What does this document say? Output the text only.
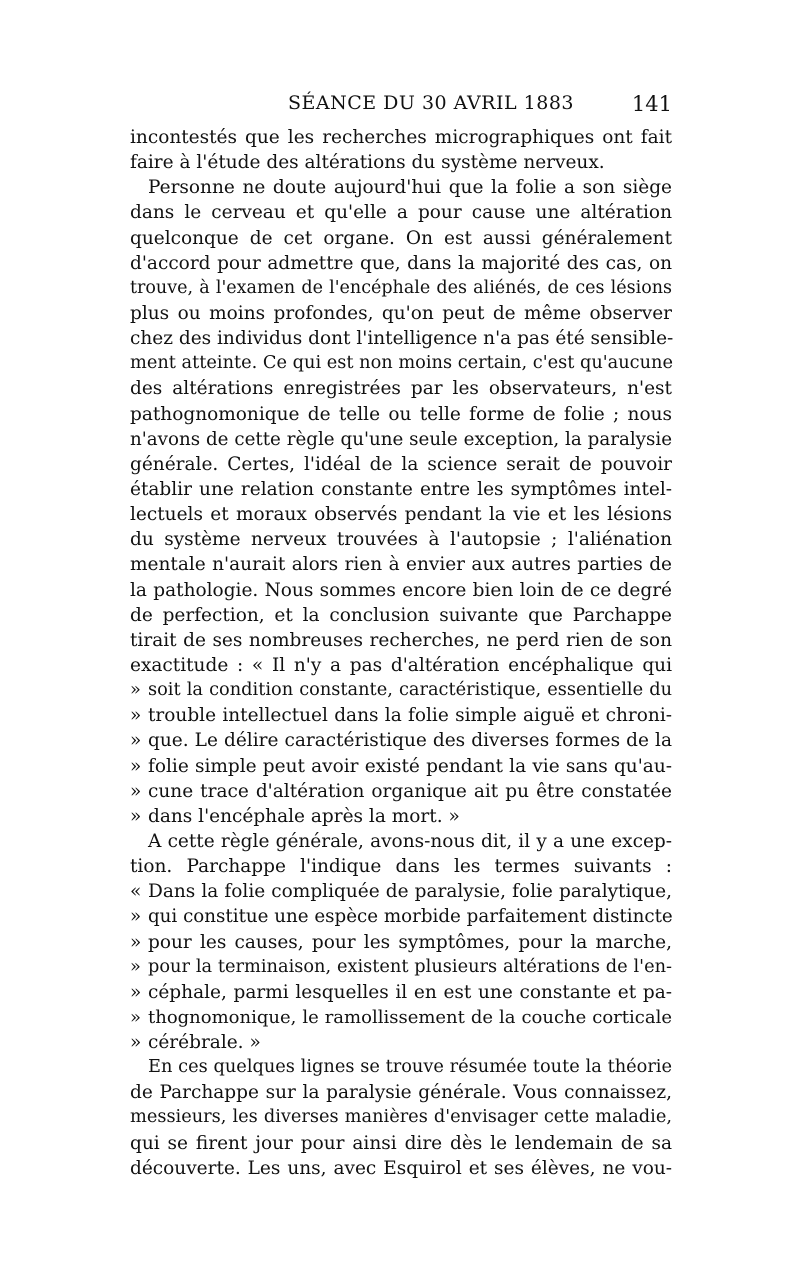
SÉANCE DU 30 AVRIL 1883	141
incontestés que les recherches micrographiques ont fait
faire à l'étude des altérations du système nerveux.
Personne ne doute aujourd'hui que la folie a son siège
dans le cerveau et qu'elle a pour cause une altération
quelconque de cet organe. On est aussi généralement
d'accord pour admettre que, dans la majorité des cas, on
trouve, à l'examen de l'encéphale des aliénés, de ces lésions
plus ou moins profondes, qu'on peut de même observer
chez des individus dont l'intelligence n'a pas été sensible-
ment atteinte. Ce qui est non moins certain, c'est qu'aucune
des altérations enregistrées par les observateurs, n'est
pathognomonique de telle ou telle forme de folie ; nous
n'avons de cette règle qu'une seule exception, la paralysie
générale. Certes, l'idéal de la science serait de pouvoir
établir une relation constante entre les symptômes intel-
lectuels et moraux observés pendant la vie et les lésions
du système nerveux trouvées à l'autopsie ; l'aliénation
mentale n'aurait alors rien à envier aux autres parties de
la pathologie. Nous sommes encore bien loin de ce degré
de perfection, et la conclusion suivante que Parchappe
tirait de ses nombreuses recherches, ne perd rien de son
exactitude : « Il n'y a pas d'altération encéphalique qui
» soit la condition constante, caractéristique, essentielle du
» trouble intellectuel dans la folie simple aiguë et chroni-
» que. Le délire caractéristique des diverses formes de la
» folie simple peut avoir existé pendant la vie sans qu'au-
» cune trace d'altération organique ait pu être constatée
» dans l'encéphale après la mort. »
A cette règle générale, avons-nous dit, il y a une excep-
tion. Parchappe l'indique dans les termes suivants :
« Dans la folie compliquée de paralysie, folie paralytique,
» qui constitue une espèce morbide parfaitement distincte
» pour les causes, pour les symptômes, pour la marche,
» pour la terminaison, existent plusieurs altérations de l'en-
» céphale, parmi lesquelles il en est une constante et pa-
» thognomonique, le ramollissement de la couche corticale
» cérébrale. »
En ces quelques lignes se trouve résumée toute la théorie
de Parchappe sur la paralysie générale. Vous connaissez,
messieurs, les diverses manières d'envisager cette maladie,
qui se firent jour pour ainsi dire dès le lendemain de sa
découverte. Les uns, avec Esquirol et ses élèves, ne vou-
